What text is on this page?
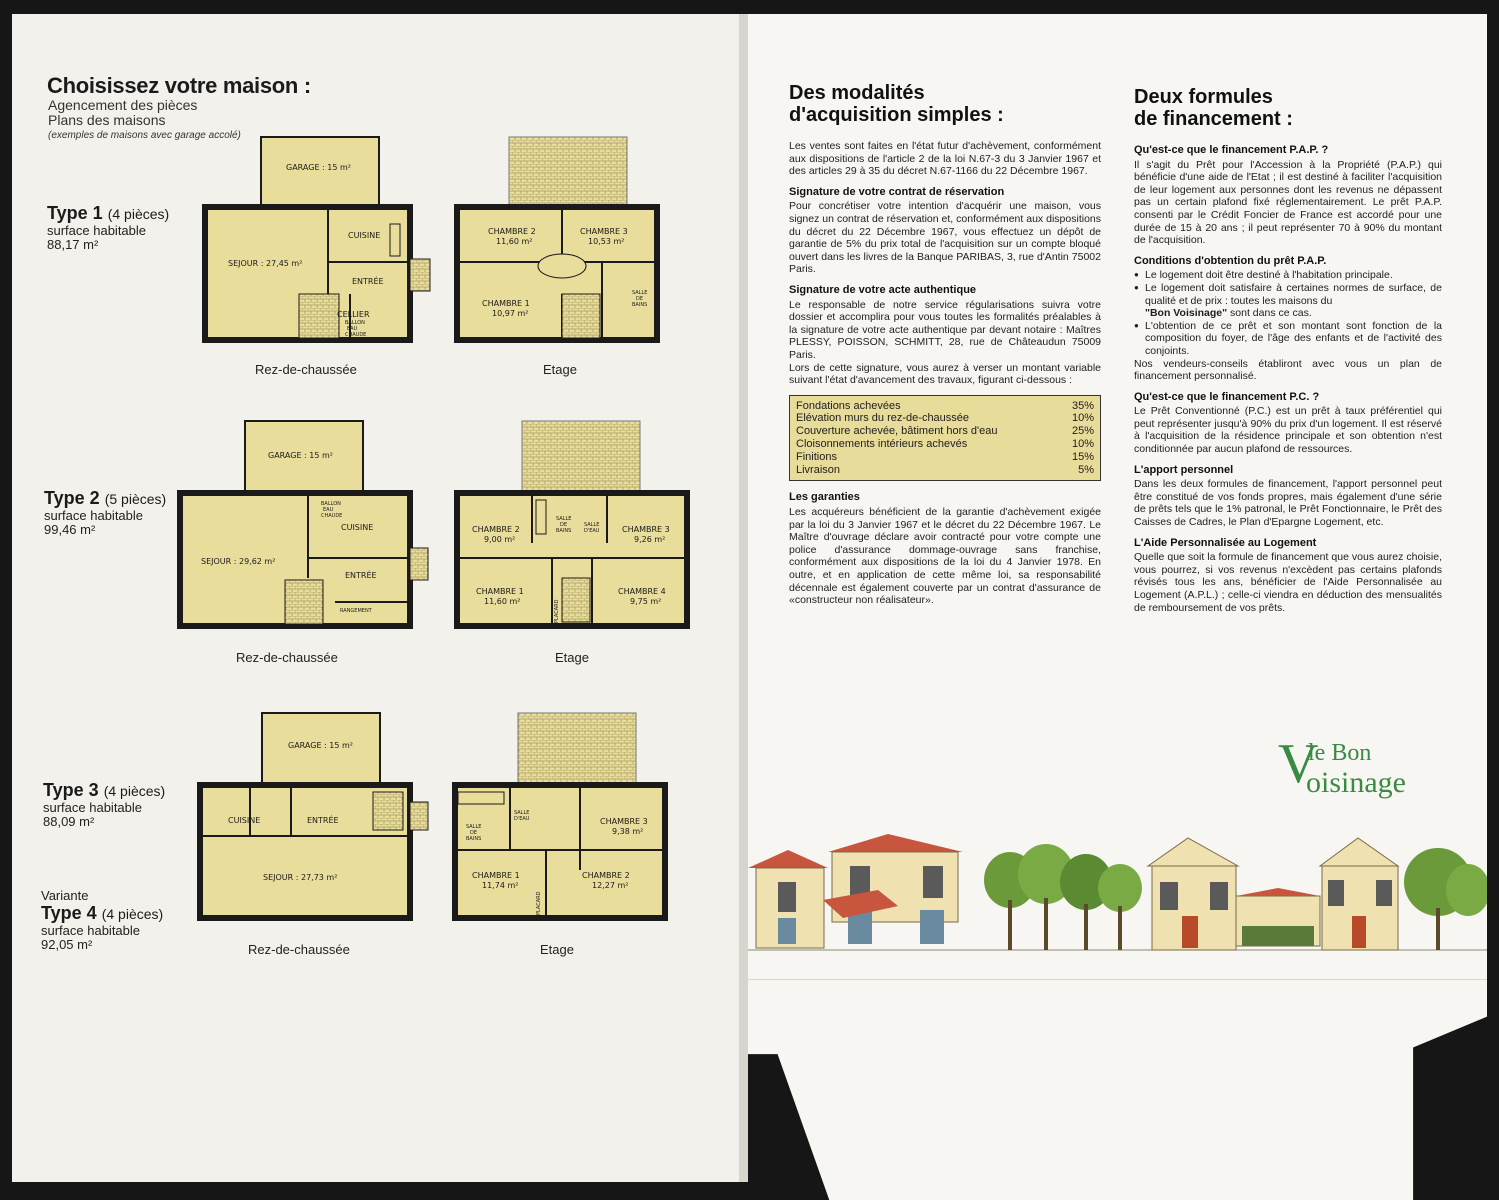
Choisissez votre maison :
Agencement des pièces
Plans des maisons
(exemples de maisons avec garage accolé)
Type 1 (4 pièces)
surface habitable
88,17 m²
Type 2 (5 pièces)
surface habitable
99,46 m²
Type 3 (4 pièces)
surface habitable
88,09 m²
Variante
Type 4 (4 pièces)
surface habitable
92,05 m²
GARAGE : 15 m²
SEJOUR : 27,45 m²
CUISINE
ENTRÉE
CELLIER
BALLON
EAU
CHAUDE
Rez-de-chaussée
CHAMBRE 2
11,60 m²
CHAMBRE 3
10,53 m²
CHAMBRE 1
10,97 m²
SALLE
DE
BAINS
Etage
GARAGE : 15 m²
SEJOUR : 29,62 m²
CUISINE
ENTRÉE
RANGEMENT
BALLON
EAU
CHAUDE
Rez-de-chaussée
CHAMBRE 2
9,00 m²
CHAMBRE 3
9,26 m²
CHAMBRE 1
11,60 m²
CHAMBRE 4
9,75 m²
SALLE
DE
BAINS
SALLE
D'EAU
PLACARD
Etage
GARAGE : 15 m²
SEJOUR : 27,73 m²
CUISINE	ENTRÉE
Rez-de-chaussée
CHAMBRE 3
9,38 m²
CHAMBRE 1
11,74 m²
CHAMBRE 2
12,27 m²
SALLE
DE
BAINS
SALLE
D'EAU
PLACARD
Etage
Des modalités
d'acquisition simples :

Les ventes sont faites en l'état futur d'achèvement, conformément aux dispositions de l'article 2 de la loi N.67-3 du 3 Janvier 1967 et des articles 29 à 35 du décret N.67-1166 du 22 Décembre 1967.

Signature de votre contrat de réservation

Pour concrétiser votre intention d'acquérir une maison, vous signez un contrat de réservation et, conformément aux dispositions du décret du 22 Décembre 1967, vous effectuez un dépôt de garantie de 5% du prix total de l'acquisition sur un compte bloqué ouvert dans les livres de la Banque PARIBAS, 3, rue d'Antin 75002 Paris.

Signature de votre acte authentique

Le responsable de notre service régularisations suivra votre dossier et accomplira pour vous toutes les formalités préalables à la signature de votre acte authentique par devant notaire : Maîtres PLESSY, POISSON, SCHMITT, 28, rue de Châteaudun 75009 Paris.

Lors de cette signature, vous aurez à verser un montant variable suivant l'état d'avancement des travaux, figurant ci-dessous :

Fondations achevées	35%
Elévation murs du rez-de-chaussée	10%
Couverture achevée, bâtiment hors d'eau	25%
Cloisonnements intérieurs achevés	10%
Finitions	15%
Livraison	5%
Les garanties

Les acquéreurs bénéficient de la garantie d'achèvement exigée par la loi du 3 Janvier 1967 et le décret du 22 Décembre 1967. Le Maître d'ouvrage déclare avoir contracté pour votre compte une police d'assurance dommage-ouvrage sans franchise, conformément aux dispositions de la loi du 4 Janvier 1978. En outre, et en application de cette même loi, sa responsabilité décennale est également couverte par un contrat d'assurance de «constructeur non réalisateur».

Deux formules
de financement :
Qu'est-ce que le financement P.A.P. ?

Il s'agit du Prêt pour l'Accession à la Propriété (P.A.P.) qui bénéficie d'une aide de l'Etat ; il est destiné à faciliter l'acquisition de leur logement aux personnes dont les revenus ne dépassent pas un certain plafond fixé réglementairement. Le prêt P.A.P. consenti par le Crédit Foncier de France est accordé pour une durée de 15 à 20 ans ; il peut représenter 70 à 90% du montant de l'acquisition.

Conditions d'obtention du prêt P.A.P.
● Le logement doit être destiné à l'habitation principale.
● Le logement doit satisfaire à certaines normes de surface, de qualité et de prix : toutes les maisons du
"Bon Voisinage" sont dans ce cas.
● L'obtention de ce prêt et son montant sont fonction de la composition du foyer, de l'âge des enfants et de l'activité des conjoints.

Nos vendeurs-conseils établiront avec vous un plan de financement personnalisé.

Qu'est-ce que le financement P.C. ?

Le Prêt Conventionné (P.C.) est un prêt à taux préférentiel qui peut représenter jusqu'à 90% du prix d'un logement. Il est réservé à l'acquisition de la résidence principale et son obtention n'est conditionnée par aucun plafond de ressources.

L'apport personnel

Dans les deux formules de financement, l'apport personnel peut être constitué de vos fonds propres, mais également d'une série de prêts tels que le 1% patronal, le Prêt Fonctionnaire, le Prêt des Caisses de Cadres, le Plan d'Epargne Logement, etc.

L'Aide Personnalisée au Logement

Quelle que soit la formule de financement que vous aurez choisie, vous pourrez, si vos revenus n'excèdent pas certains plafonds révisés tous les ans, bénéficier de l'Aide Personnalisée au Logement (A.P.L.) ; celle-ci viendra en déduction des mensualités de remboursement de vos prêts.

V
le Bon
oisinage
